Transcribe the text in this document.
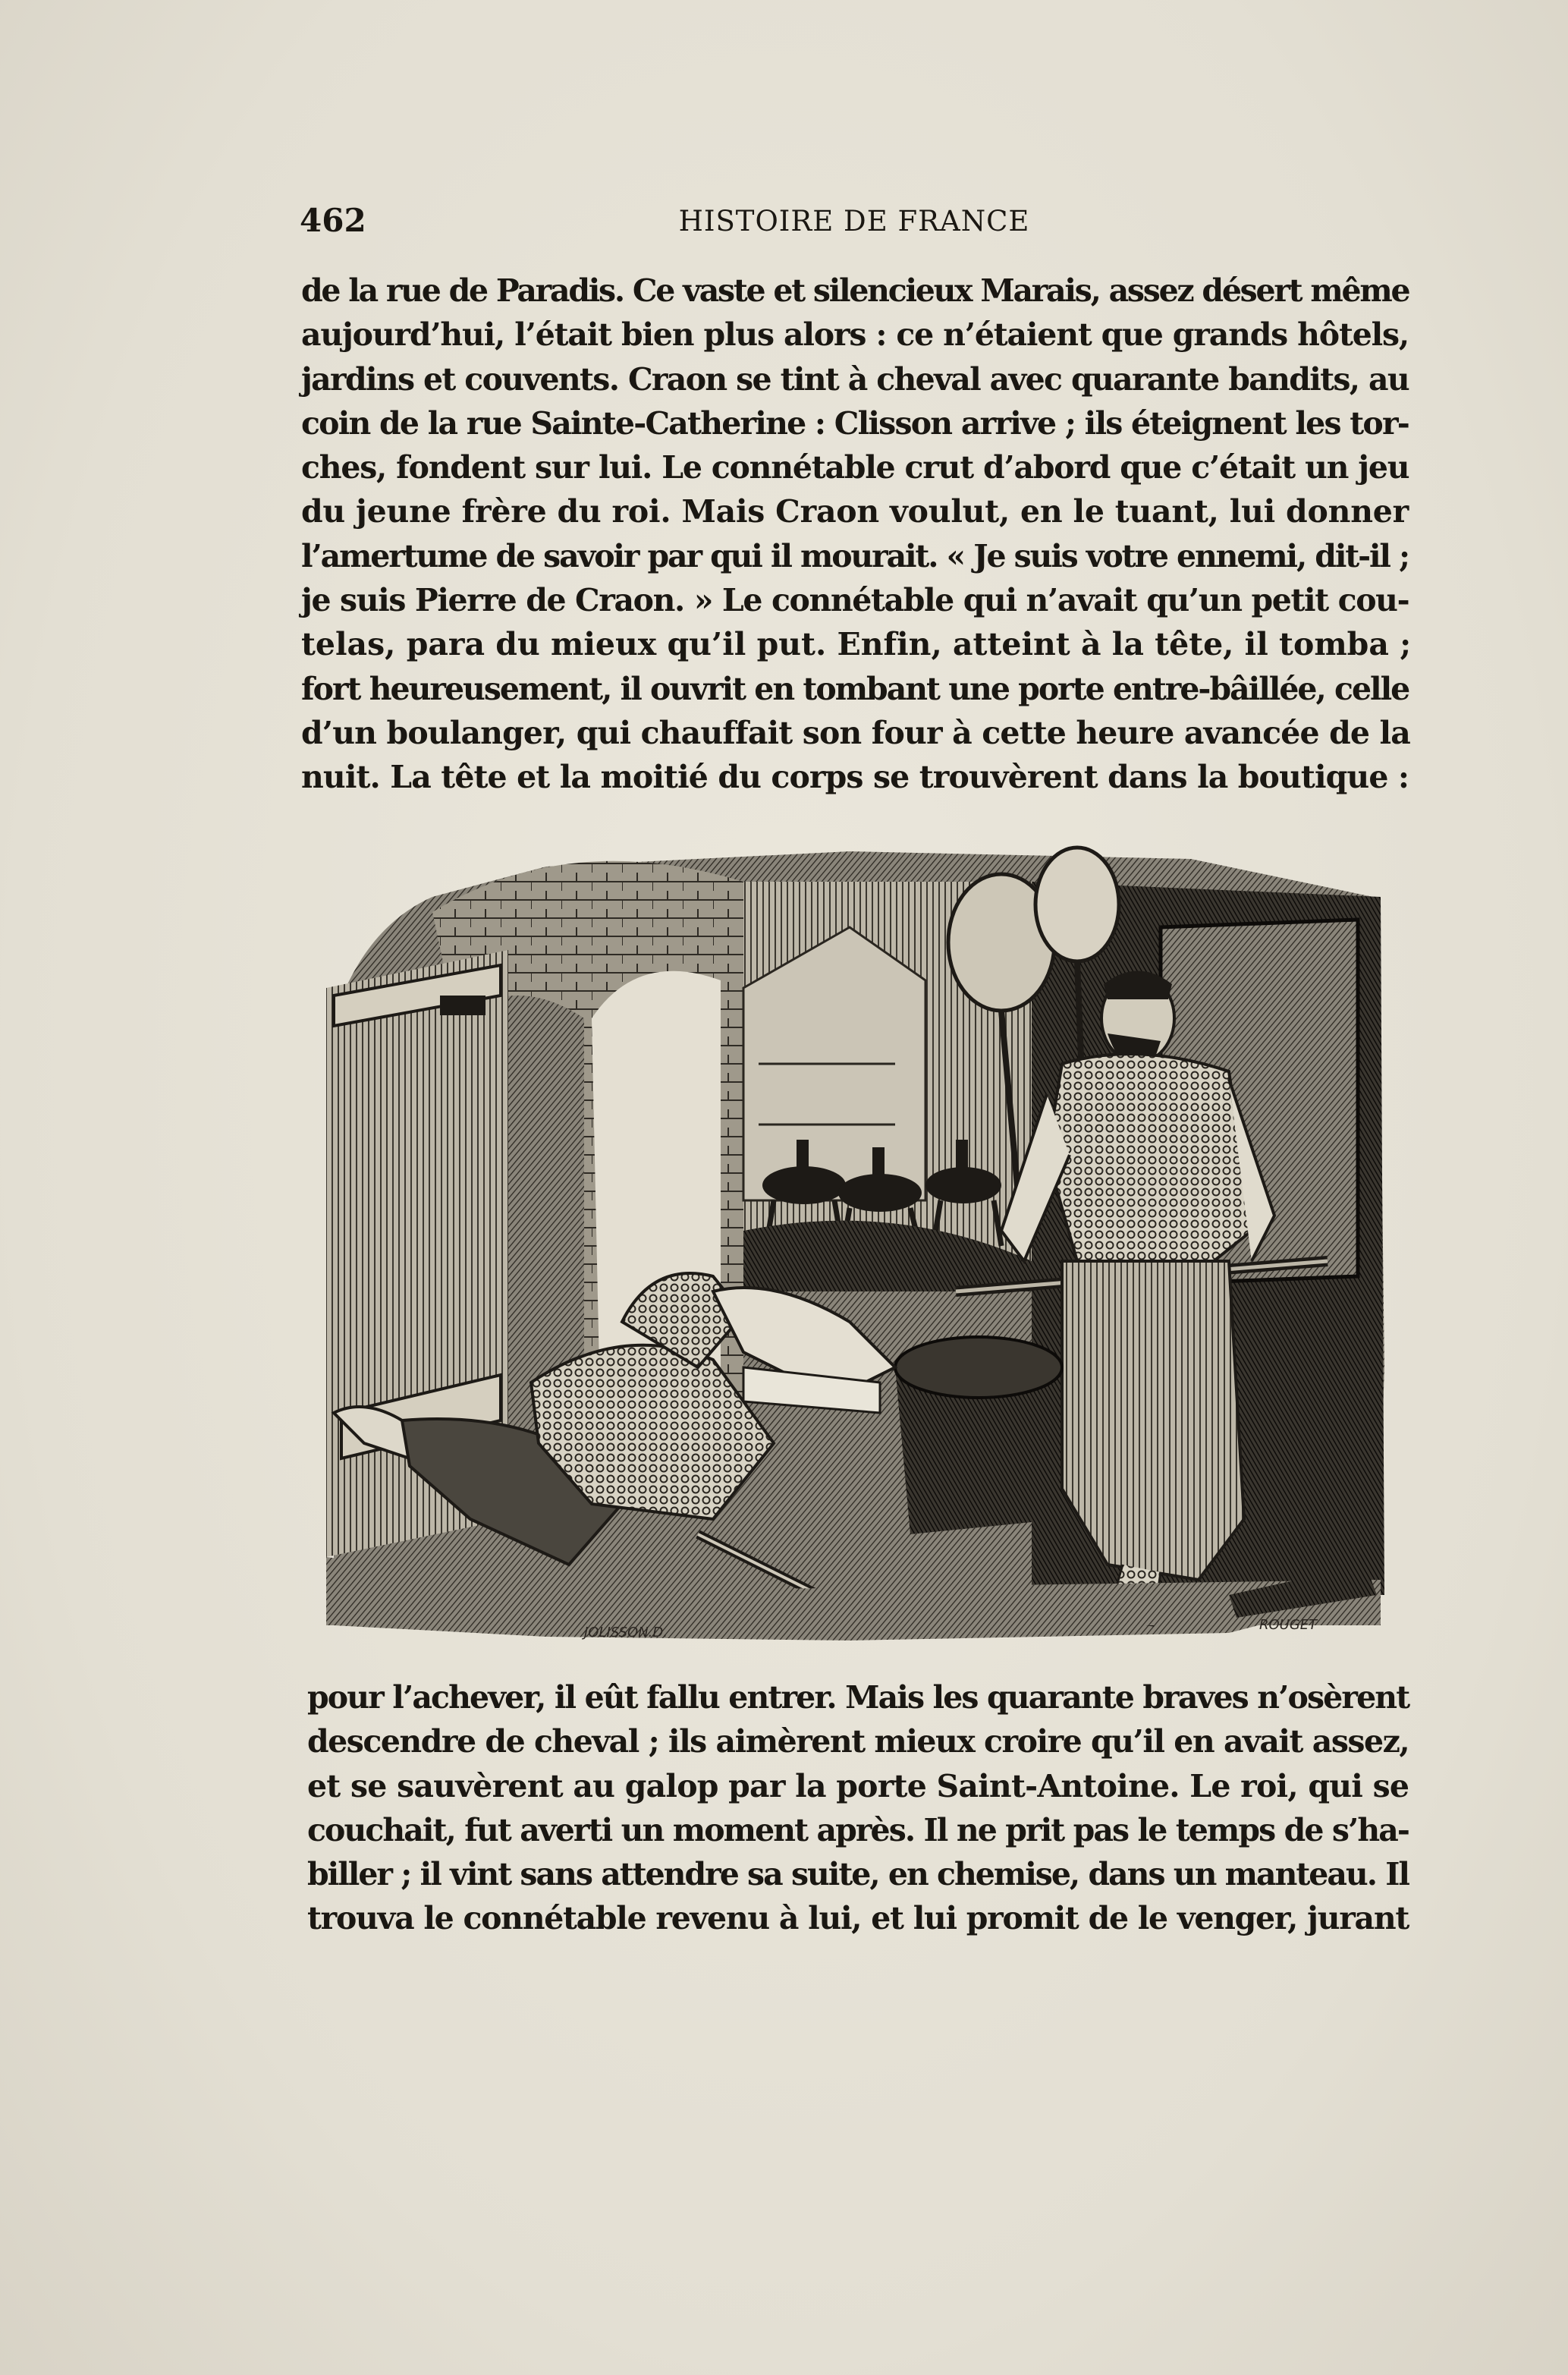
462	HISTOIRE DE FRANCE
de la rue de Paradis. Ce vaste et silencieux Marais, assez désert même
aujourd’hui, l’était bien plus alors : ce n’étaient que grands hôtels,
jardins et couvents. Craon se tint à cheval avec quarante bandits, au
coin de la rue Sainte-Catherine : Clisson arrive ; ils éteignent les tor-
ches, fondent sur lui. Le connétable crut d’abord que c’était un jeu
du jeune frère du roi. Mais Craon voulut, en le tuant, lui donner
l’amertume de savoir par qui il mourait. « Je suis votre ennemi, dit-il ;
je suis Pierre de Craon. » Le connétable qui n’avait qu’un petit cou-
telas, para du mieux qu’il put. Enfin, atteint à la tête, il tomba ;
fort heureusement, il ouvrit en tombant une porte entre-bâillée, celle
d’un boulanger, qui chauffait son four à cette heure avancée de la
nuit. La tête et la moitié du corps se trouvèrent dans la boutique :
JOLISSON.D.	ROUGET
pour l’achever, il eût fallu entrer. Mais les quarante braves n’osèrent
descendre de cheval ; ils aimèrent mieux croire qu’il en avait assez,
et se sauvèrent au galop par la porte Saint-Antoine. Le roi, qui se
couchait, fut averti un moment après. Il ne prit pas le temps de s’ha-
biller ; il vint sans attendre sa suite, en chemise, dans un manteau. Il
trouva le connétable revenu à lui, et lui promit de le venger, jurant
